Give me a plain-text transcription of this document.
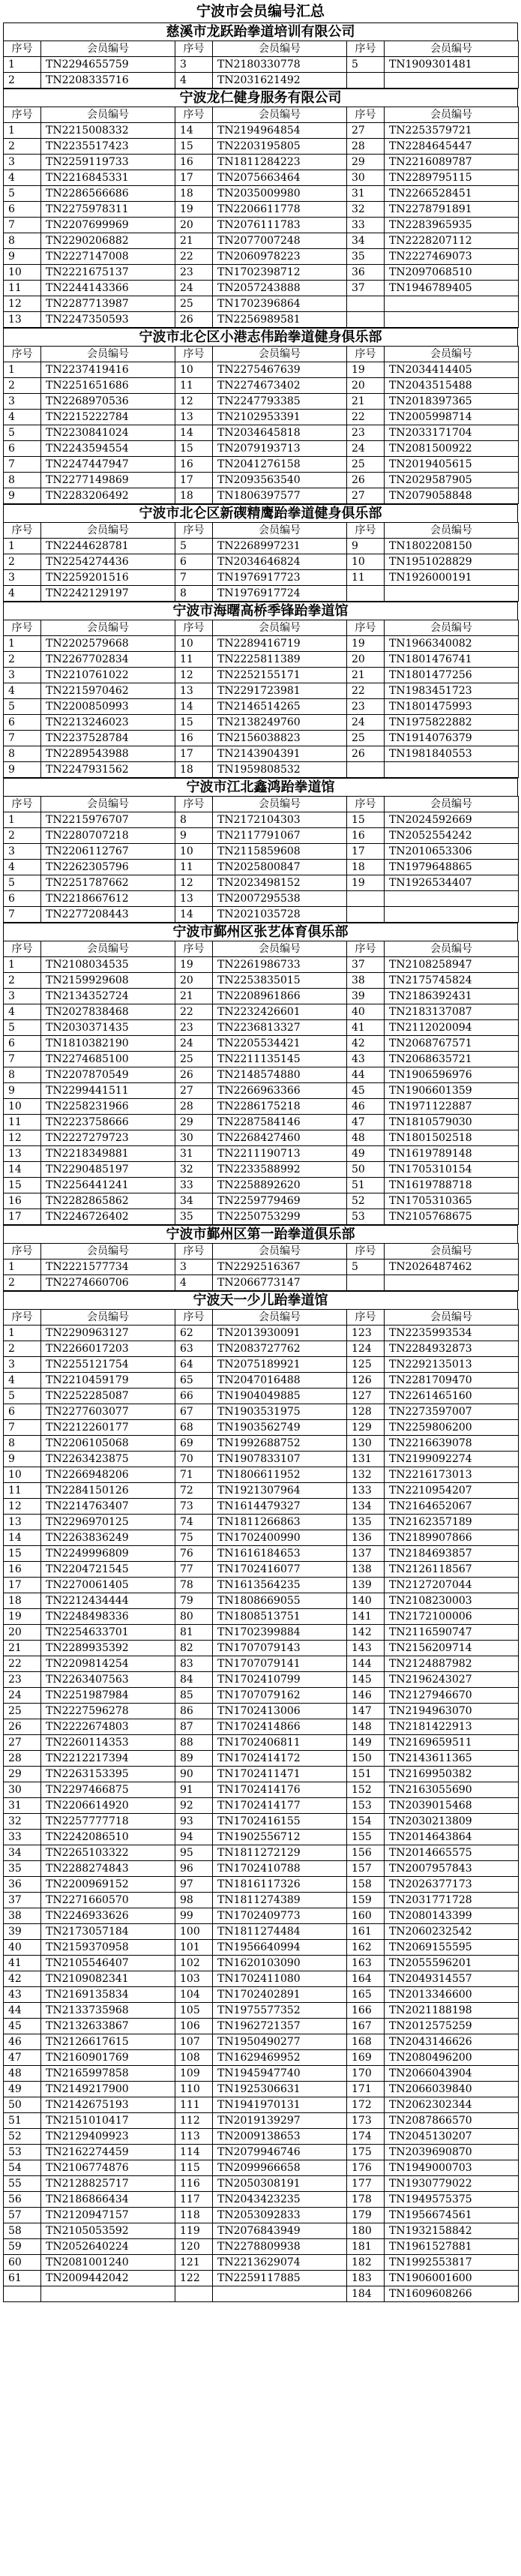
宁波市会员编号汇总
慈溪市龙跃跆拳道培训有限公司
序号	会员编号	序号	会员编号	序号	会员编号
1	TN2294655759	3	TN2180330778	5	TN1909301481
2	TN2208335716	4	TN2031621492		
宁波龙仁健身服务有限公司
序号	会员编号	序号	会员编号	序号	会员编号
1	TN2215008332	14	TN2194964854	27	TN2253579721
2	TN2235517423	15	TN2203195805	28	TN2284645447
3	TN2259119733	16	TN1811284223	29	TN2216089787
4	TN2216845331	17	TN2075663464	30	TN2289795115
5	TN2286566686	18	TN2035009980	31	TN2266528451
6	TN2275978311	19	TN2206611778	32	TN2278791891
7	TN2207699969	20	TN2076111783	33	TN2283965935
8	TN2290206882	21	TN2077007248	34	TN2228207112
9	TN2227147008	22	TN2060978223	35	TN2227469073
10	TN2221675137	23	TN1702398712	36	TN2097068510
11	TN2244143366	24	TN2057243888	37	TN1946789405
12	TN2287713987	25	TN1702396864		
13	TN2247350593	26	TN2256989581		
宁波市北仑区小港志伟跆拳道健身俱乐部
序号	会员编号	序号	会员编号	序号	会员编号
1	TN2237419416	10	TN2275467639	19	TN2034414405
2	TN2251651686	11	TN2274673402	20	TN2043515488
3	TN2268970536	12	TN2247793385	21	TN2018397365
4	TN2215222784	13	TN2102953391	22	TN2005998714
5	TN2230841024	14	TN2034645818	23	TN2033171704
6	TN2243594554	15	TN2079193713	24	TN2081500922
7	TN2247447947	16	TN2041276158	25	TN2019405615
8	TN2277149869	17	TN2093563540	26	TN2029587905
9	TN2283206492	18	TN1806397577	27	TN2079058848
宁波市北仑区新碶精鹰跆拳道健身俱乐部
序号	会员编号	序号	会员编号	序号	会员编号
1	TN2244628781	5	TN2268997231	9	TN1802208150
2	TN2254274436	6	TN2034646824	10	TN1951028829
3	TN2259201516	7	TN1976917723	11	TN1926000191
4	TN2242129197	8	TN1976917724		
宁波市海曙高桥季锋跆拳道馆
序号	会员编号	序号	会员编号	序号	会员编号
1	TN2202579668	10	TN2289416719	19	TN1966340082
2	TN2267702834	11	TN2225811389	20	TN1801476741
3	TN2210761022	12	TN2252155171	21	TN1801477256
4	TN2215970462	13	TN2291723981	22	TN1983451723
5	TN2200850993	14	TN2146514265	23	TN1801475993
6	TN2213246023	15	TN2138249760	24	TN1975822882
7	TN2237528784	16	TN2156038823	25	TN1914076379
8	TN2289543988	17	TN2143904391	26	TN1981840553
9	TN2247931562	18	TN1959808532		
宁波市江北鑫鸿跆拳道馆
序号	会员编号	序号	会员编号	序号	会员编号
1	TN2215976707	8	TN2172104303	15	TN2024592669
2	TN2280707218	9	TN2117791067	16	TN2052554242
3	TN2206112767	10	TN2115859608	17	TN2010653306
4	TN2262305796	11	TN2025800847	18	TN1979648865
5	TN2251787662	12	TN2023498152	19	TN1926534407
6	TN2218667612	13	TN2007295538		
7	TN2277208443	14	TN2021035728		
宁波市鄞州区张艺体育俱乐部
序号	会员编号	序号	会员编号	序号	会员编号
1	TN2108034535	19	TN2261986733	37	TN2108258947
2	TN2159929608	20	TN2253835015	38	TN2175745824
3	TN2134352724	21	TN2208961866	39	TN2186392431
4	TN2027838468	22	TN2232426601	40	TN2183137087
5	TN2030371435	23	TN2236813327	41	TN2112020094
6	TN1810382190	24	TN2205534421	42	TN2068767571
7	TN2274685100	25	TN2211135145	43	TN2068635721
8	TN2207870549	26	TN2148574880	44	TN1906596976
9	TN2299441511	27	TN2266963366	45	TN1906601359
10	TN2258231966	28	TN2286175218	46	TN1971122887
11	TN2223758666	29	TN2287584146	47	TN1810579030
12	TN2227279723	30	TN2268427460	48	TN1801502518
13	TN2218349881	31	TN2211190713	49	TN1619789148
14	TN2290485197	32	TN2233588992	50	TN1705310154
15	TN2256441241	33	TN2258892620	51	TN1619788718
16	TN2282865862	34	TN2259779469	52	TN1705310365
17	TN2246726402	35	TN2250753299	53	TN2105768675
宁波市鄞州区第一跆拳道俱乐部
序号	会员编号	序号	会员编号	序号	会员编号
1	TN2221577734	3	TN2292516367	5	TN2026487462
2	TN2274660706	4	TN2066773147		
宁波天一少儿跆拳道馆
序号	会员编号	序号	会员编号	序号	会员编号
1	TN2290963127	62	TN2013930091	123	TN2235993534
2	TN2266017203	63	TN2083727762	124	TN2284932873
3	TN2255121754	64	TN2075189921	125	TN2292135013
4	TN2210459179	65	TN2047016488	126	TN2281709470
5	TN2252285087	66	TN1904049885	127	TN2261465160
6	TN2277603077	67	TN1903531975	128	TN2273597007
7	TN2212260177	68	TN1903562749	129	TN2259806200
8	TN2206105068	69	TN1992688752	130	TN2216639078
9	TN2263423875	70	TN1907833107	131	TN2199092274
10	TN2266948206	71	TN1806611952	132	TN2216173013
11	TN2284150126	72	TN1921307964	133	TN2210954207
12	TN2214763407	73	TN1614479327	134	TN2164652067
13	TN2296970125	74	TN1811266863	135	TN2162357189
14	TN2263836249	75	TN1702400990	136	TN2189907866
15	TN2249996809	76	TN1616184653	137	TN2184693857
16	TN2204721545	77	TN1702416077	138	TN2126118567
17	TN2270061405	78	TN1613564235	139	TN2127207044
18	TN2212434444	79	TN1808669055	140	TN2108230003
19	TN2248498336	80	TN1808513751	141	TN2172100006
20	TN2254633701	81	TN1702399884	142	TN2116590747
21	TN2289935392	82	TN1707079143	143	TN2156209714
22	TN2209814254	83	TN1707079141	144	TN2124887982
23	TN2263407563	84	TN1702410799	145	TN2196243027
24	TN2251987984	85	TN1707079162	146	TN2127946670
25	TN2227596278	86	TN1702413006	147	TN2194963070
26	TN2222674803	87	TN1702414866	148	TN2181422913
27	TN2260114353	88	TN1702406811	149	TN2169659511
28	TN2212217394	89	TN1702414172	150	TN2143611365
29	TN2263153395	90	TN1702411471	151	TN2169950382
30	TN2297466875	91	TN1702414176	152	TN2163055690
31	TN2206614920	92	TN1702414177	153	TN2039015468
32	TN2257777718	93	TN1702416155	154	TN2030213809
33	TN2242086510	94	TN1902556712	155	TN2014643864
34	TN2265103322	95	TN1811272129	156	TN2014665575
35	TN2288274843	96	TN1702410788	157	TN2007957843
36	TN2200969152	97	TN1816117326	158	TN2026377173
37	TN2271660570	98	TN1811274389	159	TN2031771728
38	TN2246933626	99	TN1702409773	160	TN2080143399
39	TN2173057184	100	TN1811274484	161	TN2060232542
40	TN2159370958	101	TN1956640994	162	TN2069155595
41	TN2105546407	102	TN1620103090	163	TN2055596201
42	TN2109082341	103	TN1702411080	164	TN2049314557
43	TN2169135834	104	TN1702402891	165	TN2013346600
44	TN2133735968	105	TN1975577352	166	TN2021188198
45	TN2132633867	106	TN1962721357	167	TN2012575259
46	TN2126617615	107	TN1950490277	168	TN2043146626
47	TN2160901769	108	TN1629469952	169	TN2080496200
48	TN2165997858	109	TN1945947740	170	TN2066043904
49	TN2149217900	110	TN1925306631	171	TN2066039840
50	TN2142675193	111	TN1941970131	172	TN2062302344
51	TN2151010417	112	TN2019139297	173	TN2087866570
52	TN2129409923	113	TN2009138653	174	TN2045130207
53	TN2162274459	114	TN2079946746	175	TN2039690870
54	TN2106774876	115	TN2099966658	176	TN1949000703
55	TN2128825717	116	TN2050308191	177	TN1930779022
56	TN2186866434	117	TN2043423235	178	TN1949575375
57	TN2120947157	118	TN2053092833	179	TN1956674561
58	TN2105053592	119	TN2076843949	180	TN1932158842
59	TN2052640224	120	TN2278809938	181	TN1961527881
60	TN2081001240	121	TN2213629074	182	TN1992553817
61	TN2009442042	122	TN2259117885	183	TN1906001600
				184	TN1609608266
